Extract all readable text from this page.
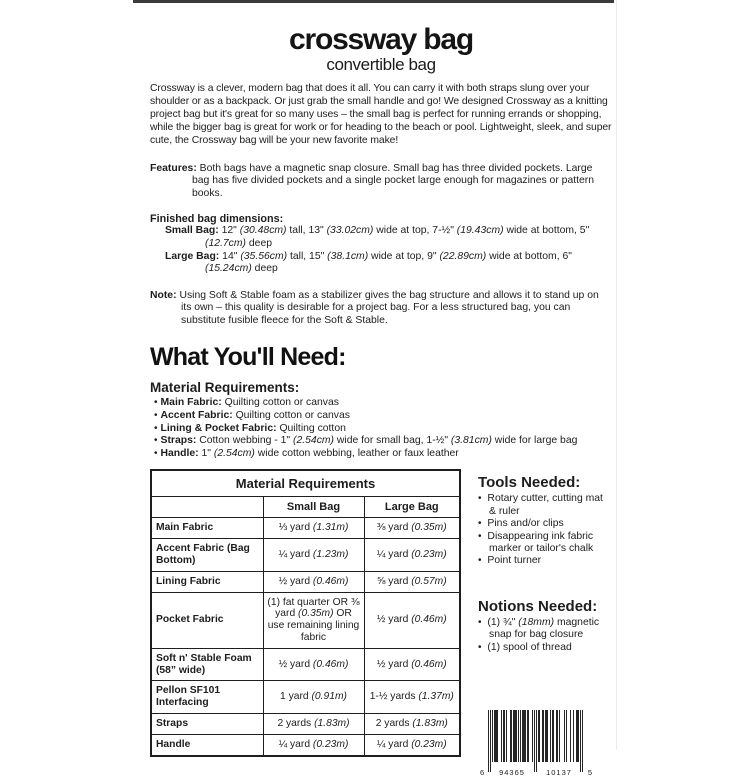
crossway bag
convertible bag

Crossway is a clever, modern bag that does it all. You can carry it with both straps slung over your shoulder or as a backpack. Or just grab the small handle and go! We designed Crossway as a knitting project bag but it's great for so many uses – the small bag is perfect for running errands or shopping, while the bigger bag is great for work or for heading to the beach or pool. Lightweight, sleek, and super cute, the Crossway bag will be your new favorite make!

Features: Both bags have a magnetic snap closure. Small bag has three divided pockets. Large bag has five divided pockets and a single pocket large enough for magazines or pattern books.
Finished bag dimensions:
Small Bag: 12" (30.48cm) tall, 13" (33.02cm) wide at top, 7-½" (19.43cm) wide at bottom, 5" (12.7cm) deep
Large Bag: 14" (35.56cm) tall, 15" (38.1cm) wide at top, 9" (22.89cm) wide at bottom, 6" (15.24cm) deep
Note: Using Soft & Stable foam as a stabilizer gives the bag structure and allows it to stand up on its own – this quality is desirable for a project bag. For a less structured bag, you can substitute fusible fleece for the Soft & Stable.
What You'll Need:
Material Requirements:
• Main Fabric: Quilting cotton or canvas
• Accent Fabric: Quilting cotton or canvas
• Lining & Pocket Fabric: Quilting cotton
• Straps: Cotton webbing - 1" (2.54cm) wide for small bag, 1-½" (3.81cm) wide for large bag
• Handle: 1" (2.54cm) wide cotton webbing, leather or faux leather
Material Requirements		
	Small Bag	Large Bag
Main Fabric	⅓ yard (1.31m)	⅜ yard (0.35m)
Accent Fabric (Bag Bottom)	¼ yard (1.23m)	¼ yard (0.23m)
Lining Fabric	½ yard (0.46m)	⅝ yard (0.57m)
Pocket Fabric	(1) fat quarter OR ⅜ yard (0.35m) OR use remaining lining fabric	½ yard (0.46m)
Soft n' Stable Foam (58” wide)	½ yard (0.46m)	½ yard (0.46m)
Pellon SF101 Interfacing	1 yard (0.91m)	1-½ yards (1.37m)
Straps	2 yards (1.83m)	2 yards (1.83m)
Handle	¼ yard (0.23m)	¼ yard (0.23m)
Tools Needed:
• Rotary cutter, cutting mat & ruler
• Pins and/or clips
• Disappearing ink fabric marker or tailor's chalk
• Point turner
Notions Needed:
• (1) ¾" (18mm) magnetic snap for bag closure
• (1) spool of thread
6	94365	10137	5
